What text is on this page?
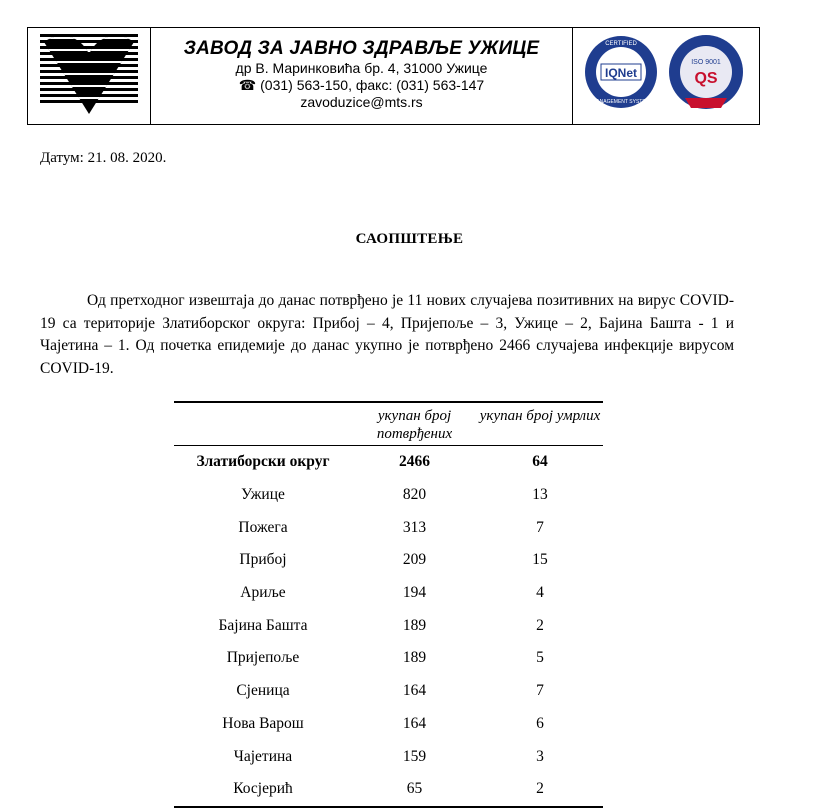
ЗАВОД ЗА ЈАВНО ЗДРАВЉЕ УЖИЦЕ
др В. Маринковића бр. 4, 31000 Ужице
☎ (031) 563-150, факс: (031) 563-147
zavoduzice@mts.rs
IQNet
CERTIFIED
MANAGEMENT SYSTEM
ISO 9001
QS
Датум: 21. 08. 2020.
САОПШТЕЊЕ
Од претходног извештаја до данас потврђено је 11 нових случајева позитивних на вирус COVID-19 са територије Златиборског округа: Прибој – 4, Пријепоље – 3, Ужице – 2, Бајина Башта - 1 и Чајетина – 1. Од почетка епидемије до данас укупно је потврђено 2466 случајева инфекције вирусом COVID-19.
	укупан број потврђених	укупан број умрлих
Златиборски округ	2466	64
Ужице	820	13
Пожега	313	7
Прибој	209	15
Ариље	194	4
Бајина Башта	189	2
Пријепоље	189	5
Сјеница	164	7
Нова Варош	164	6
Чајетина	159	3
Косјерић	65	2
